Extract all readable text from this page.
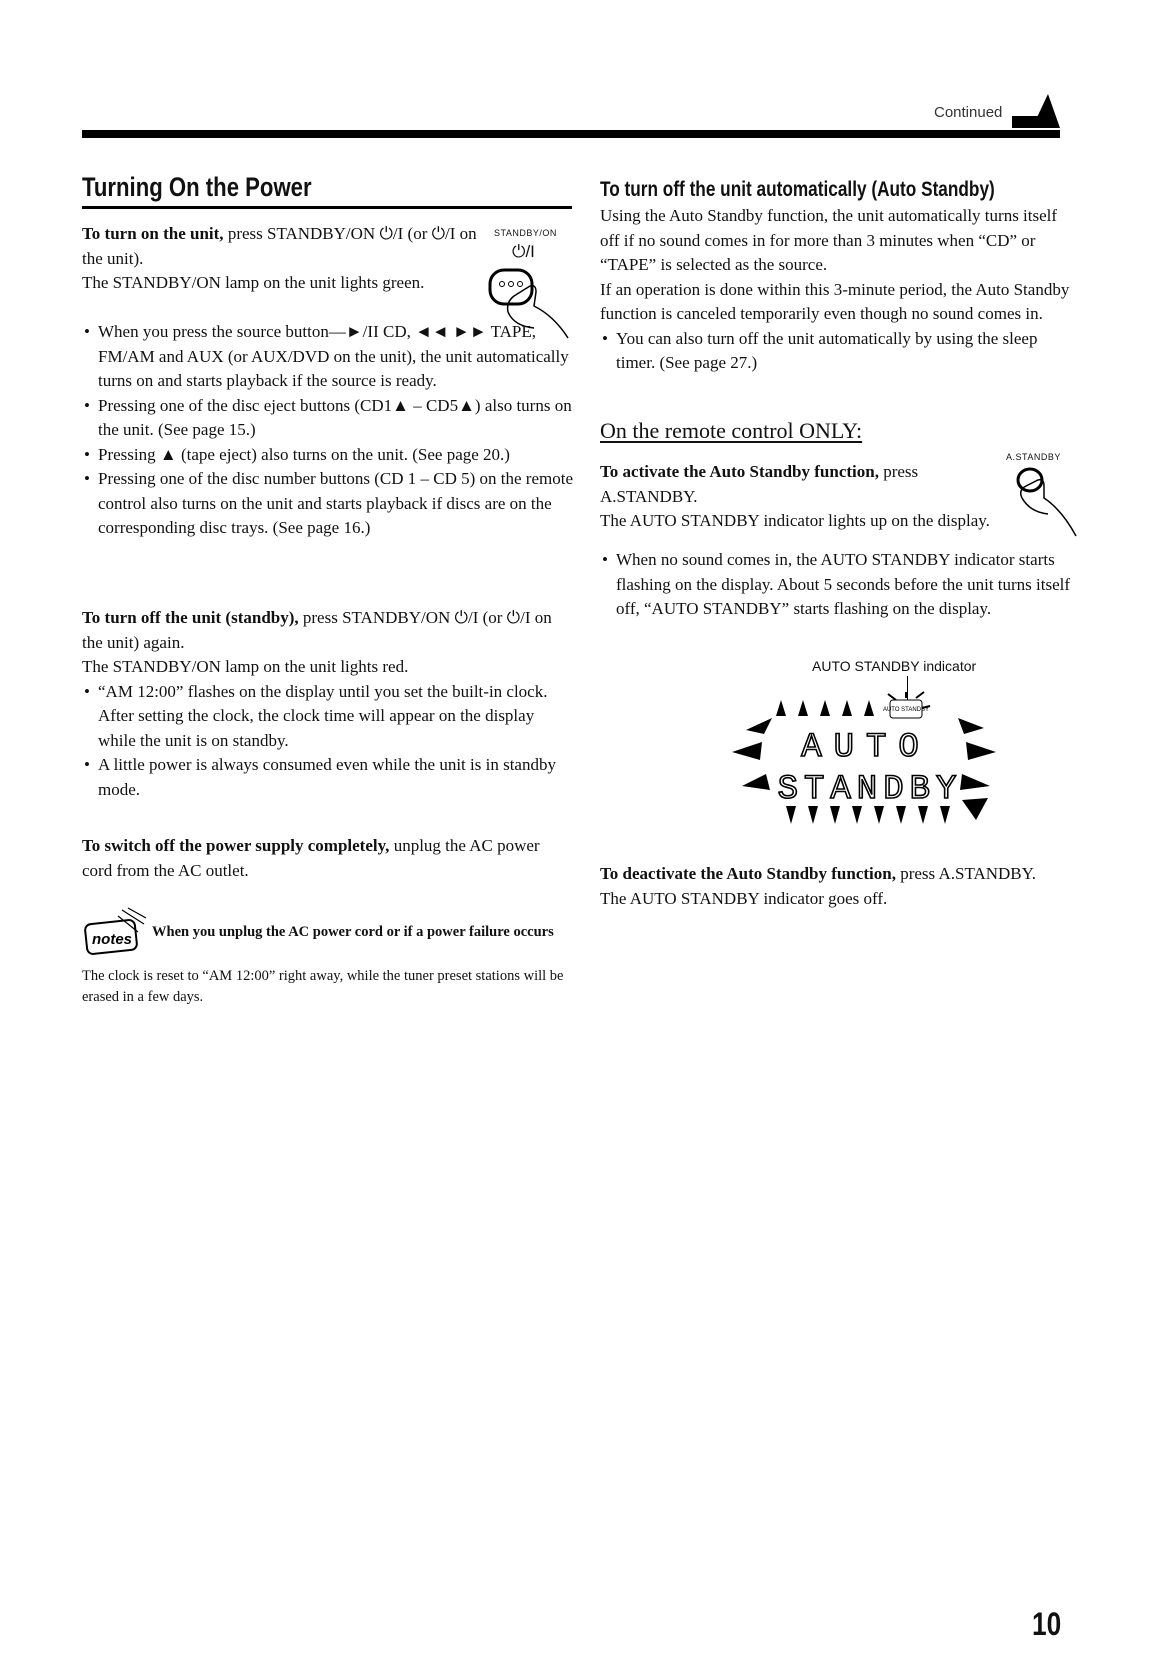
Continued
Turning On the Power
STANDBY/ON
⏻/I

To turn on the unit, press STANDBY/ON ⏻/I (or ⏻/I on the unit).

The STANDBY/ON lamp on the unit lights green.

• When you press the source button—►/II CD, ◄◄ ►► TAPE, FM/AM and AUX (or AUX/DVD on the unit), the unit automatically turns on and starts playback if the source is ready.
• Pressing one of the disc eject buttons (CD1▲ – CD5▲) also turns on the unit. (See page 15.)
• Pressing ▲ (tape eject) also turns on the unit. (See page 20.)
• Pressing one of the disc number buttons (CD 1 – CD 5) on the remote control also turns on the unit and starts playback if discs are on the corresponding disc trays. (See page 16.)

To turn off the unit (standby), press STANDBY/ON ⏻/I (or ⏻/I on the unit) again.

The STANDBY/ON lamp on the unit lights red.

• “AM 12:00” flashes on the display until you set the built-in clock. After setting the clock, the clock time will appear on the display while the unit is on standby.
• A little power is always consumed even while the unit is in standby mode.

To switch off the power supply completely, unplug the AC power cord from the AC outlet.

notes When you unplug the AC power cord or if a power failure occurs
The clock is reset to “AM 12:00” right away, while the tuner preset stations will be erased in a few days.
To turn off the unit automatically (Auto Standby)

Using the Auto Standby function, the unit automatically turns itself off if no sound comes in for more than 3 minutes when “CD” or “TAPE” is selected as the source.

If an operation is done within this 3-minute period, the Auto Standby function is canceled temporarily even though no sound comes in.

• You can also turn off the unit automatically by using the sleep timer. (See page 27.)
On the remote control ONLY:
A.STANDBY

To activate the Auto Standby function, press A.STANDBY.

The AUTO STANDBY indicator lights up on the display.

• When no sound comes in, the AUTO STANDBY indicator starts flashing on the display. About 5 seconds before the unit turns itself off, “AUTO STANDBY” starts flashing on the display.
AUTO STANDBY indicator
AUTO STANDBY
AUTO
STANDBY

To deactivate the Auto Standby function, press A.STANDBY.

The AUTO STANDBY indicator goes off.

10
